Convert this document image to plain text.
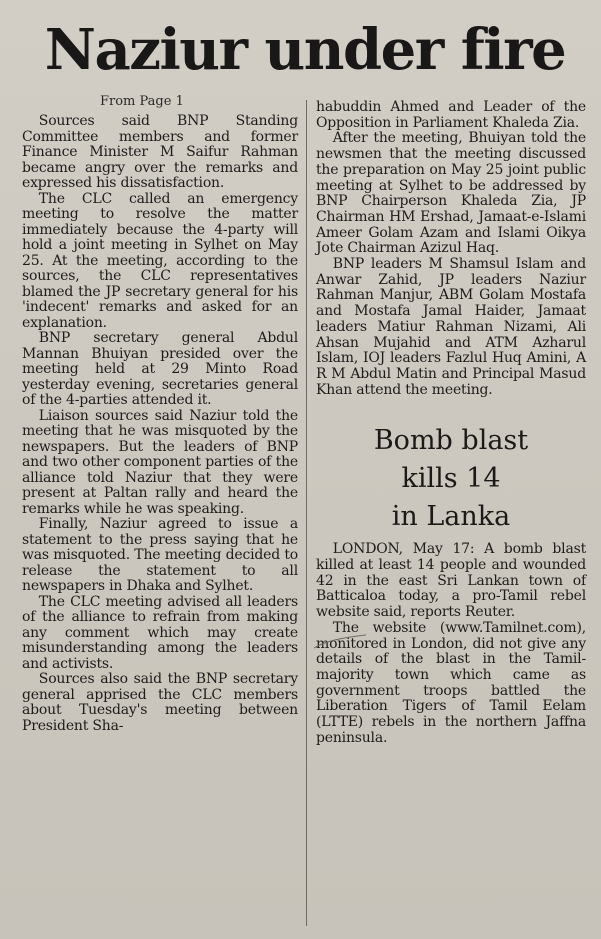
Naziur under fire

From Page 1

Sources said BNP Standing Committee members and former Finance Minister M Saifur Rahman became angry over the remarks and expressed his dissatisfaction.

The CLC called an emergency meeting to resolve the matter immediately because the 4-party will hold a joint meeting in Sylhet on May 25. At the meeting, according to the sources, the CLC representatives blamed the JP secretary general for his 'indecent' remarks and asked for an explanation.

BNP secretary general Abdul Mannan Bhuiyan presided over the meeting held at 29 Minto Road yesterday evening, secretaries general of the 4-parties attended it.

Liaison sources said Naziur told the meeting that he was misquoted by the newspapers. But the leaders of BNP and two other component parties of the alliance told Naziur that they were present at Paltan rally and heard the remarks while he was speaking.

Finally, Naziur agreed to issue a statement to the press saying that he was misquoted. The meeting decided to release the statement to all newspapers in Dhaka and Sylhet.

The CLC meeting advised all leaders of the alliance to refrain from making any comment which may create misunderstanding among the leaders and activists.

Sources also said the BNP secretary general apprised the CLC members about Tuesday's meeting between President Sha-

habuddin Ahmed and Leader of the Opposition in Parliament Khaleda Zia.

After the meeting, Bhuiyan told the newsmen that the meeting discussed the preparation on May 25 joint public meeting at Sylhet to be addressed by BNP Chairperson Khaleda Zia, JP Chairman HM Ershad, Jamaat-e-Islami Ameer Golam Azam and Islami Oikya Jote Chairman Azizul Haq.

BNP leaders M Shamsul Islam and Anwar Zahid, JP leaders Naziur Rahman Manjur, ABM Golam Mostafa and Mostafa Jamal Haider, Jamaat leaders Matiur Rahman Nizami, Ali Ahsan Mujahid and ATM Azharul Islam, IOJ leaders Fazlul Huq Amini, A R M Abdul Matin and Principal Masud Khan attend the meeting.

Bomb blast
kills 14
in Lanka

LONDON, May 17: A bomb blast killed at least 14 people and wounded 42 in the east Sri Lankan town of Batticaloa today, a pro-Tamil rebel website said, reports Reuter.

The website (www.Tamilnet.com), monitored in London, did not give any details of the blast in the Tamil-majority town which came as government troops battled the Liberation Tigers of Tamil Eelam (LTTE) rebels in the northern Jaffna peninsula.
